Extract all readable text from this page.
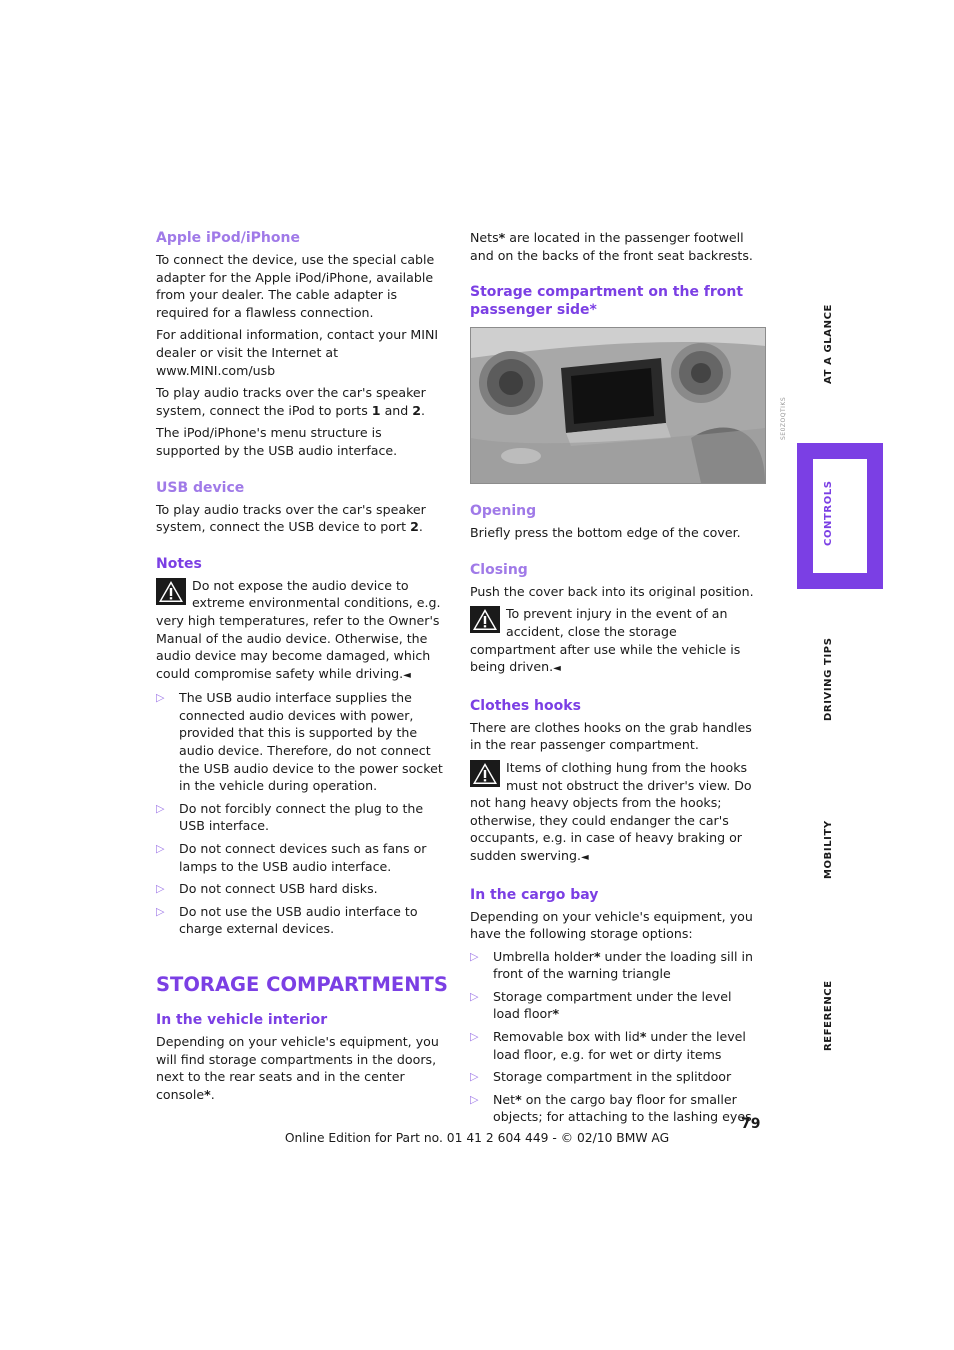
Apple iPod/iPhone

To connect the device, use the special cable adapter for the Apple iPod/iPhone, available from your dealer. The cable adapter is required for a flawless connection.

For additional information, contact your MINI dealer or visit the Internet at www.MINI.com/usb

To play audio tracks over the car's speaker system, connect the iPod to ports 1 and 2.

The iPod/iPhone's menu structure is supported by the USB audio interface.

USB device

To play audio tracks over the car's speaker system, connect the USB device to port 2.

Notes
Do not expose the audio device to extreme environmental conditions, e.g. very high temperatures, refer to the Owner's Manual of the audio device. Otherwise, the audio device may become damaged, which could compromise safety while driving.◄
▷ The USB audio interface supplies the connected audio devices with power, provided that this is supported by the audio device. Therefore, do not connect the USB audio device to the power socket in the vehicle during operation.
▷ Do not forcibly connect the plug to the USB interface.
▷ Do not connect devices such as fans or lamps to the USB audio interface.
▷ Do not connect USB hard disks.
▷ Do not use the USB audio interface to charge external devices.
STORAGE COMPARTMENTS
In the vehicle interior

Depending on your vehicle's equipment, you will find storage compartments in the doors, next to the rear seats and in the center console*.

Nets* are located in the passenger footwell and on the backs of the front seat backrests.

Storage compartment on the front passenger side*
Opening

Briefly press the bottom edge of the cover.

Closing

Push the cover back into its original position.

To prevent injury in the event of an accident, close the storage compartment after use while the vehicle is being driven.◄
Clothes hooks

There are clothes hooks on the grab handles in the rear passenger compartment.

Items of clothing hung from the hooks must not obstruct the driver's view. Do not hang heavy objects from the hooks; otherwise, they could endanger the car's occupants, e.g. in case of heavy braking or sudden swerving.◄
In the cargo bay

Depending on your vehicle's equipment, you have the following storage options:

▷ Umbrella holder* under the loading sill in front of the warning triangle
▷ Storage compartment under the level load floor*
▷ Removable box with lid* under the level load floor, e.g. for wet or dirty items
▷ Storage compartment in the splitdoor
▷ Net* on the cargo bay floor for smaller objects; for attaching to the lashing eyes
SE0ZOQTIKS
AT A GLANCE
CONTROLS
DRIVING TIPS
MOBILITY
REFERENCE
79
Online Edition for Part no. 01 41 2 604 449 - © 02/10 BMW AG
